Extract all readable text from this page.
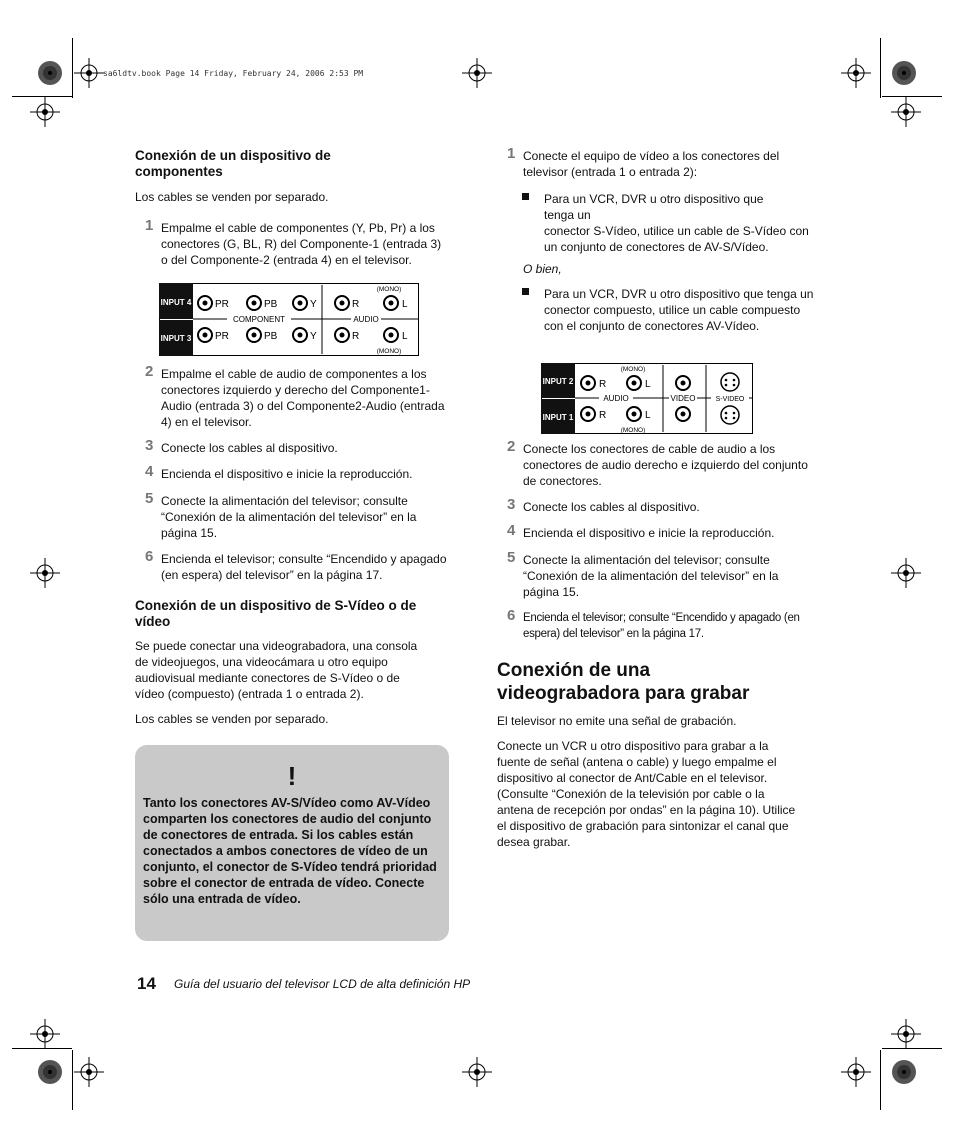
sa6ldtv.book Page 14 Friday, February 24, 2006 2:53 PM
Conexión de un dispositivo de componentes

Los cables se venden por separado.

1 Empalme el cable de componentes (Y, Pb, Pr) a los conectores (G, BL, R) del Componente-1 (entrada 3) o del Componente-2 (entrada 4) en el televisor.
INPUT 4
INPUT 3
PR	PB	Y	R	L
PR	PB	Y	R	L
COMPONENT	AUDIO
(MONO)
(MONO)
2 Empalme el cable de audio de componentes a los conectores izquierdo y derecho del Componente1-Audio (entrada 3) o del Componente2-Audio (entrada 4) en el televisor.
3 Conecte los cables al dispositivo.
4 Encienda el dispositivo e inicie la reproducción.
5 Conecte la alimentación del televisor; consulte “Conexión de la alimentación del televisor” en la página 15.
6 Encienda el televisor; consulte “Encendido y apagado (en espera) del televisor” en la página 17.
Conexión de un dispositivo de S-Vídeo o de vídeo

Se puede conectar una videograbadora, una consola de videojuegos, una videocámara u otro equipo audiovisual mediante conectores de S-Vídeo o de vídeo (compuesto) (entrada 1 o entrada 2).

Los cables se venden por separado.

!
Tanto los conectores AV-S/Vídeo como AV-Vídeo comparten los conectores de audio del conjunto de conectores de entrada. Si los cables están conectados a ambos conectores de vídeo de un conjunto, el conector de S-Vídeo tendrá prioridad sobre el conector de entrada de vídeo. Conecte sólo una entrada de vídeo.
1 Conecte el equipo de vídeo a los conectores del televisor (entrada 1 o entrada 2):
Para un VCR, DVR u otro dispositivo que tenga un
conector S-Vídeo, utilice un cable de S-Vídeo con un conjunto de conectores de AV-S/Vídeo.
O bien,
Para un VCR, DVR u otro dispositivo que tenga un conector compuesto, utilice un cable compuesto con el conjunto de conectores AV-Vídeo.
INPUT 2
INPUT 1
R	L
R	L
AUDIO	VIDEO	S-VIDEO
(MONO)
(MONO)
2 Conecte los conectores de cable de audio a los conectores de audio derecho e izquierdo del conjunto de conectores.
3 Conecte los cables al dispositivo.
4 Encienda el dispositivo e inicie la reproducción.
5 Conecte la alimentación del televisor; consulte “Conexión de la alimentación del televisor” en la página 15.
6 Encienda el televisor; consulte “Encendido y apagado (en espera) del televisor” en la página 17.
Conexión de una videograbadora para grabar

El televisor no emite una señal de grabación.

Conecte un VCR u otro dispositivo para grabar a la fuente de señal (antena o cable) y luego empalme el dispositivo al conector de Ant/Cable en el televisor. (Consulte “Conexión de la televisión por cable o la antena de recepción por ondas” en la página 10). Utilice el dispositivo de grabación para sintonizar el canal que desea grabar.

14 Guía del usuario del televisor LCD de alta definición HP
